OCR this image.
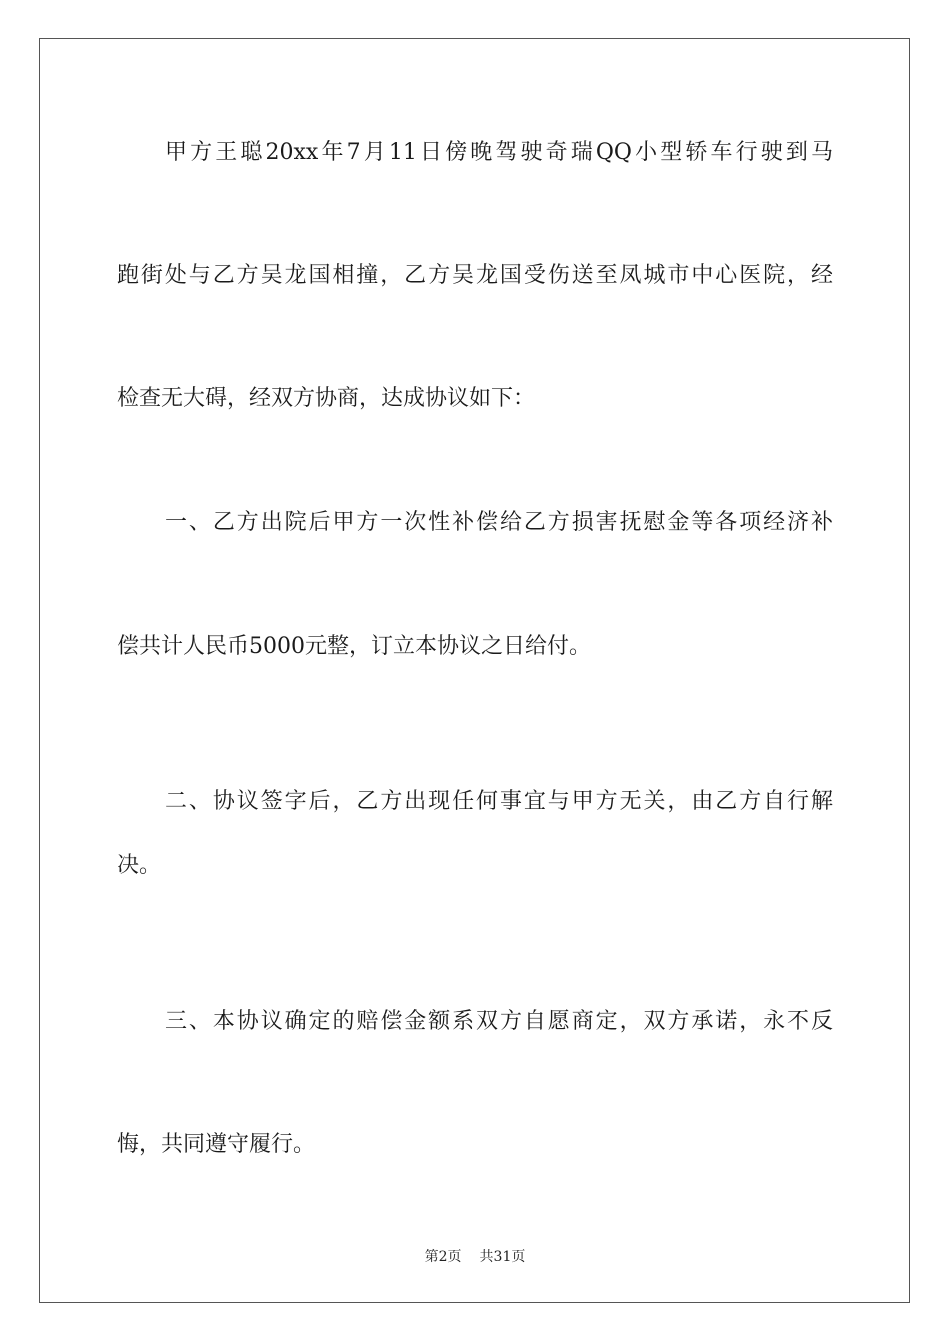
甲方王聪20xx年7月11日傍晚驾驶奇瑞QQ小型轿车行驶到马
跑街处与乙方吴龙国相撞，乙方吴龙国受伤送至凤城市中心医院，经
检查无大碍，经双方协商，达成协议如下：
一、乙方出院后甲方一次性补偿给乙方损害抚慰金等各项经济补
偿共计人民币5000元整，订立本协议之日给付。
二、协议签字后，乙方出现任何事宜与甲方无关，由乙方自行解
决。
三、本协议确定的赔偿金额系双方自愿商定，双方承诺，永不反
悔，共同遵守履行。
第2页 共31页
